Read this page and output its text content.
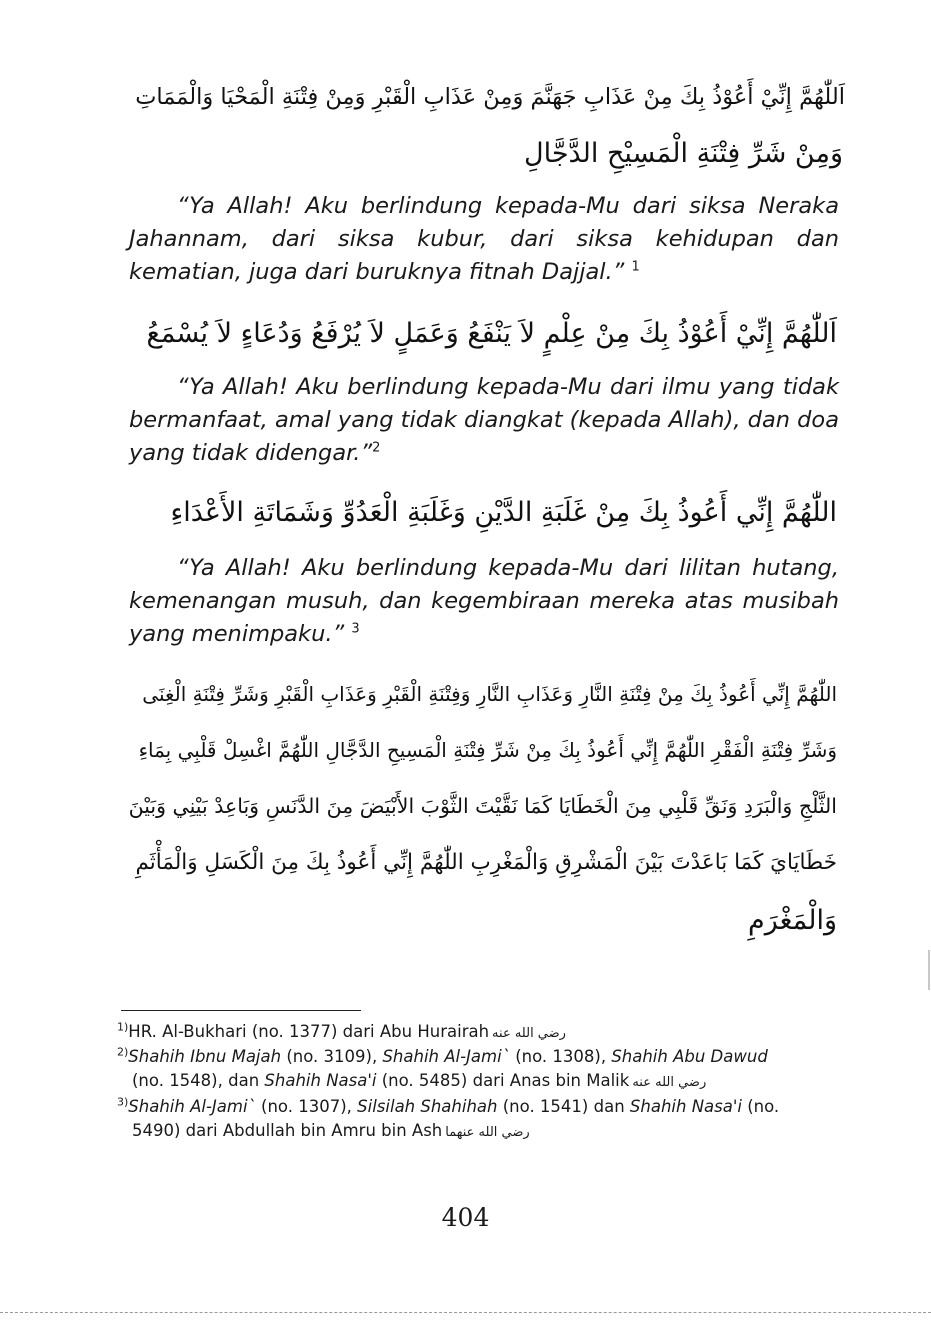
اَللّٰهُمَّ إِنِّيْ أَعُوْذُ بِكَ مِنْ عَذَابِ جَهَنَّمَ وَمِنْ عَذَابِ الْقَبْرِ وَمِنْ فِتْنَةِ الْمَحْيَا وَالْمَمَاتِ
وَمِنْ شَرِّ فِتْنَةِ الْمَسِيْحِ الدَّجَّالِ
“Ya Allah! Aku berlindung kepada-Mu dari siksa Neraka Jahannam, dari siksa kubur, dari siksa kehidupan dan kematian, juga dari buruknya fitnah Dajjal.” $^1$
اَللّٰهُمَّ إِنِّيْ أَعُوْذُ بِكَ مِنْ عِلْمٍ لاَ يَنْفَعُ وَعَمَلٍ لاَ يُرْفَعُ وَدُعَاءٍ لاَ يُسْمَعُ
“Ya Allah! Aku berlindung kepada-Mu dari ilmu yang tidak bermanfaat, amal yang tidak diangkat (kepada Allah), dan doa yang tidak didengar.”$^2$
اللّٰهُمَّ إِنِّي أَعُوذُ بِكَ مِنْ غَلَبَةِ الدَّيْنِ وَغَلَبَةِ الْعَدُوِّ وَشَمَاتَةِ الأَعْدَاءِ
“Ya Allah! Aku berlindung kepada-Mu dari lilitan hutang, kemenangan musuh, dan kegembiraan mereka atas musibah yang menimpaku.” $^3$
اللّٰهُمَّ إِنِّي أَعُوذُ بِكَ مِنْ فِتْنَةِ النَّارِ وَعَذَابِ النَّارِ وَفِتْنَةِ الْقَبْرِ وَعَذَابِ الْقَبْرِ وَشَرِّ فِتْنَةِ الْغِنَى
وَشَرِّ فِتْنَةِ الْفَقْرِ اللّٰهُمَّ إِنِّي أَعُوذُ بِكَ مِنْ شَرِّ فِتْنَةِ الْمَسِيحِ الدَّجَّالِ اللّٰهُمَّ اغْسِلْ قَلْبِي بِمَاءِ
الثَّلْجِ وَالْبَرَدِ وَنَقِّ قَلْبِي مِنَ الْخَطَايَا كَمَا نَقَّيْتَ الثَّوْبَ الأَبْيَضَ مِنَ الدَّنَسِ وَبَاعِدْ بَيْنِي وَبَيْنَ
خَطَايَايَ كَمَا بَاعَدْتَ بَيْنَ الْمَشْرِقِ وَالْمَغْرِبِ اللّٰهُمَّ إِنِّي أَعُوذُ بِكَ مِنَ الْكَسَلِ وَالْمَأْثَمِ
وَالْمَغْرَمِ
$^{1)}$HR. Al-Bukhari (no. 1377) dari Abu Hurairah رضي الله عنه
$^{2)}$Shahih Ibnu Majah (no. 3109), Shahih Al-Jami` (no. 1308), Shahih Abu Dawud
(no. 1548), dan Shahih Nasa'i (no. 5485) dari Anas bin Malik رضي الله عنه
$^{3)}$Shahih Al-Jami` (no. 1307), Silsilah Shahihah (no. 1541) dan Shahih Nasa'i (no.
5490) dari Abdullah bin Amru bin Ash رضي الله عنهما
404
